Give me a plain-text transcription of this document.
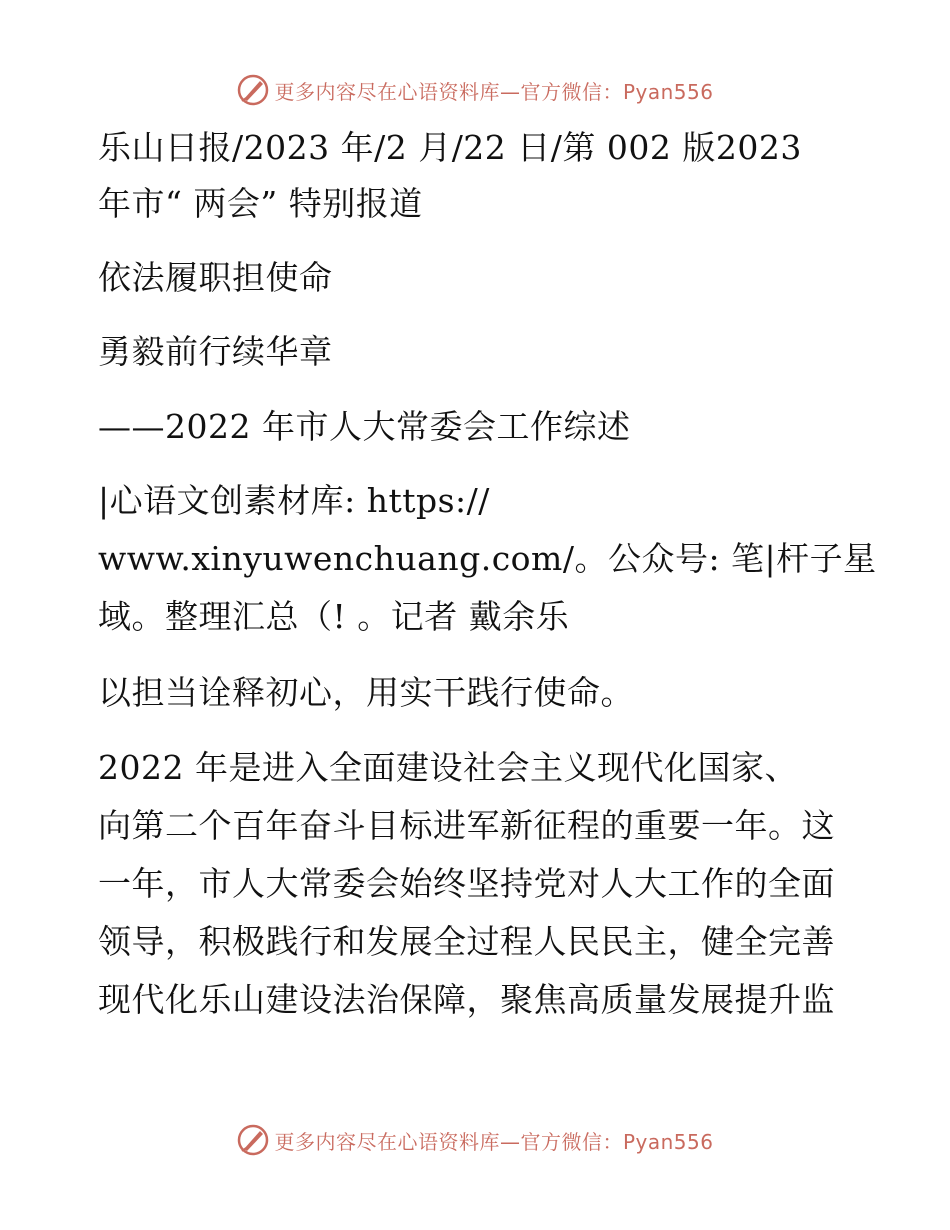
更多内容尽在心语资料库—官方微信：Pyan556
乐山日报/2023 年/2 月/22 日/第 002 版2023
年市“ 两会” 特别报道
依法履职担使命
勇毅前行续华章
——2022 年市人大常委会工作综述
|心语文创素材库: https://
www.xinyuwenchuang.com/。公众号: 笔|杆子星
域。整理汇总（! 。记者 戴余乐
以担当诠释初心，用实干践行使命。
2022 年是进入全面建设社会主义现代化国家、
向第二个百年奋斗目标进军新征程的重要一年。这
一年，市人大常委会始终坚持党对人大工作的全面
领导，积极践行和发展全过程人民民主，健全完善
现代化乐山建设法治保障，聚焦高质量发展提升监
更多内容尽在心语资料库—官方微信：Pyan556
